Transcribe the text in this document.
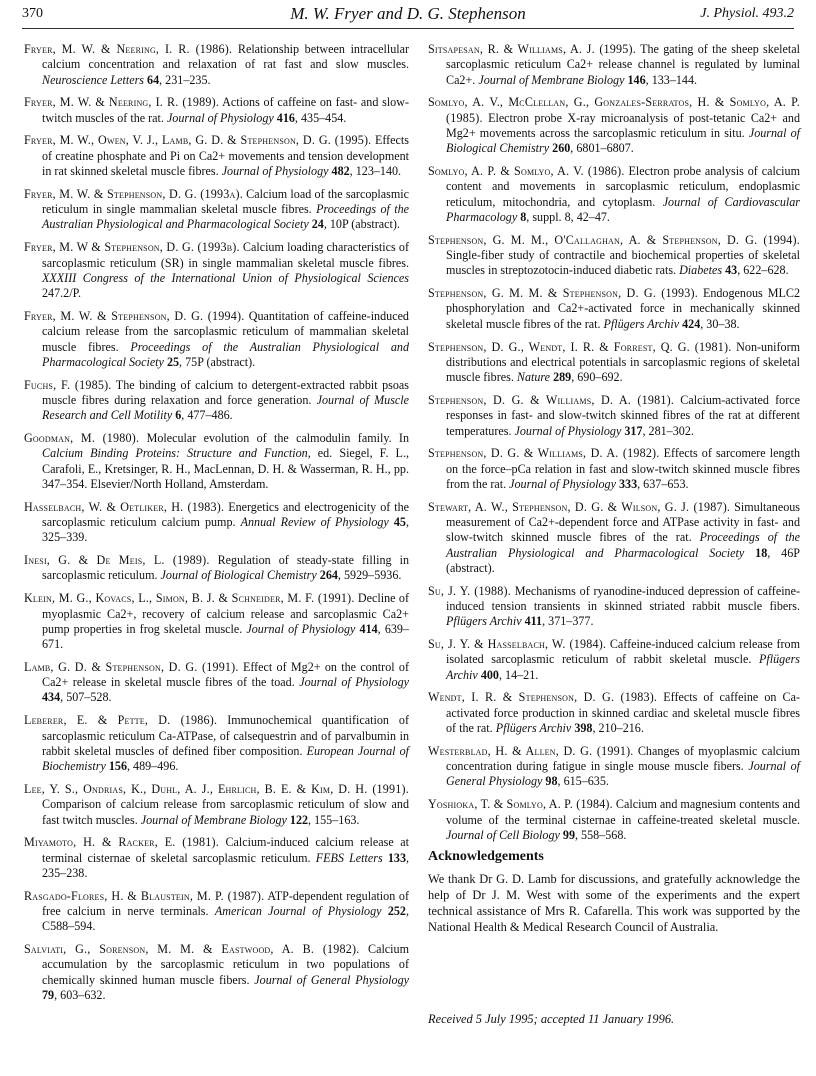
370	M. W. Fryer and D. G. Stephenson	J. Physiol. 493.2

Fryer, M. W. & Neering, I. R. (1986). Relationship between intracellular calcium concentration and relaxation of rat fast and slow muscles. Neuroscience Letters 64, 231–235.

Fryer, M. W. & Neering, I. R. (1989). Actions of caffeine on fast- and slow-twitch muscles of the rat. Journal of Physiology 416, 435–454.

Fryer, M. W., Owen, V. J., Lamb, G. D. & Stephenson, D. G. (1995). Effects of creatine phosphate and Pi on Ca2+ movements and tension development in rat skinned skeletal muscle fibres. Journal of Physiology 482, 123–140.

Fryer, M. W. & Stephenson, D. G. (1993a). Calcium load of the sarcoplasmic reticulum in single mammalian skeletal muscle fibres. Proceedings of the Australian Physiological and Pharmacological Society 24, 10P (abstract).

Fryer, M. W & Stephenson, D. G. (1993b). Calcium loading characteristics of sarcoplasmic reticulum (SR) in single mammalian skeletal muscle fibres. XXXIII Congress of the International Union of Physiological Sciences 247.2/P.

Fryer, M. W. & Stephenson, D. G. (1994). Quantitation of caffeine-induced calcium release from the sarcoplasmic reticulum of mammalian skeletal muscle fibres. Proceedings of the Australian Physiological and Pharmacological Society 25, 75P (abstract).

Fuchs, F. (1985). The binding of calcium to detergent-extracted rabbit psoas muscle fibres during relaxation and force generation. Journal of Muscle Research and Cell Motility 6, 477–486.

Goodman, M. (1980). Molecular evolution of the calmodulin family. In Calcium Binding Proteins: Structure and Function, ed. Siegel, F. L., Carafoli, E., Kretsinger, R. H., MacLennan, D. H. & Wasserman, R. H., pp. 347–354. Elsevier/North Holland, Amsterdam.

Hasselbach, W. & Oetliker, H. (1983). Energetics and electrogenicity of the sarcoplasmic reticulum calcium pump. Annual Review of Physiology 45, 325–339.

Inesi, G. & De Meis, L. (1989). Regulation of steady-state filling in sarcoplasmic reticulum. Journal of Biological Chemistry 264, 5929–5936.

Klein, M. G., Kovacs, L., Simon, B. J. & Schneider, M. F. (1991). Decline of myoplasmic Ca2+, recovery of calcium release and sarcoplasmic Ca2+ pump properties in frog skeletal muscle. Journal of Physiology 414, 639–671.

Lamb, G. D. & Stephenson, D. G. (1991). Effect of Mg2+ on the control of Ca2+ release in skeletal muscle fibres of the toad. Journal of Physiology 434, 507–528.

Leberer, E. & Pette, D. (1986). Immunochemical quantification of sarcoplasmic reticulum Ca-ATPase, of calsequestrin and of parvalbumin in rabbit skeletal muscles of defined fiber composition. European Journal of Biochemistry 156, 489–496.

Lee, Y. S., Ondrias, K., Duhl, A. J., Ehrlich, B. E. & Kim, D. H. (1991). Comparison of calcium release from sarcoplasmic reticulum of slow and fast twitch muscles. Journal of Membrane Biology 122, 155–163.

Miyamoto, H. & Racker, E. (1981). Calcium-induced calcium release at terminal cisternae of skeletal sarcoplasmic reticulum. FEBS Letters 133, 235–238.

Rasgado-Flores, H. & Blaustein, M. P. (1987). ATP-dependent regulation of free calcium in nerve terminals. American Journal of Physiology 252, C588–594.

Salviati, G., Sorenson, M. M. & Eastwood, A. B. (1982). Calcium accumulation by the sarcoplasmic reticulum in two populations of chemically skinned human muscle fibers. Journal of General Physiology 79, 603–632.

Sitsapesan, R. & Williams, A. J. (1995). The gating of the sheep skeletal sarcoplasmic reticulum Ca2+ release channel is regulated by luminal Ca2+. Journal of Membrane Biology 146, 133–144.

Somlyo, A. V., McClellan, G., Gonzales-Serratos, H. & Somlyo, A. P. (1985). Electron probe X-ray microanalysis of post-tetanic Ca2+ and Mg2+ movements across the sarcoplasmic reticulum in situ. Journal of Biological Chemistry 260, 6801–6807.

Somlyo, A. P. & Somlyo, A. V. (1986). Electron probe analysis of calcium content and movements in sarcoplasmic reticulum, endoplasmic reticulum, mitochondria, and cytoplasm. Journal of Cardiovascular Pharmacology 8, suppl. 8, 42–47.

Stephenson, G. M. M., O'Callaghan, A. & Stephenson, D. G. (1994). Single-fiber study of contractile and biochemical properties of skeletal muscles in streptozotocin-induced diabetic rats. Diabetes 43, 622–628.

Stephenson, G. M. M. & Stephenson, D. G. (1993). Endogenous MLC2 phosphorylation and Ca2+-activated force in mechanically skinned skeletal muscle fibres of the rat. Pflügers Archiv 424, 30–38.

Stephenson, D. G., Wendt, I. R. & Forrest, Q. G. (1981). Non-uniform distributions and electrical potentials in sarcoplasmic regions of skeletal muscle fibres. Nature 289, 690–692.

Stephenson, D. G. & Williams, D. A. (1981). Calcium-activated force responses in fast- and slow-twitch skinned fibres of the rat at different temperatures. Journal of Physiology 317, 281–302.

Stephenson, D. G. & Williams, D. A. (1982). Effects of sarcomere length on the force–pCa relation in fast and slow-twitch skinned muscle fibres from the rat. Journal of Physiology 333, 637–653.

Stewart, A. W., Stephenson, D. G. & Wilson, G. J. (1987). Simultaneous measurement of Ca2+-dependent force and ATPase activity in fast- and slow-twitch skinned muscle fibres of the rat. Proceedings of the Australian Physiological and Pharmacological Society 18, 46P (abstract).

Su, J. Y. (1988). Mechanisms of ryanodine-induced depression of caffeine-induced tension transients in skinned striated rabbit muscle fibers. Pflügers Archiv 411, 371–377.

Su, J. Y. & Hasselbach, W. (1984). Caffeine-induced calcium release from isolated sarcoplasmic reticulum of rabbit skeletal muscle. Pflügers Archiv 400, 14–21.

Wendt, I. R. & Stephenson, D. G. (1983). Effects of caffeine on Ca-activated force production in skinned cardiac and skeletal muscle fibres of the rat. Pflügers Archiv 398, 210–216.

Westerblad, H. & Allen, D. G. (1991). Changes of myoplasmic calcium concentration during fatigue in single mouse muscle fibers. Journal of General Physiology 98, 615–635.

Yoshioka, T. & Somlyo, A. P. (1984). Calcium and magnesium contents and volume of the terminal cisternae in caffeine-treated skeletal muscle. Journal of Cell Biology 99, 558–568.

Acknowledgements

We thank Dr G. D. Lamb for discussions, and gratefully acknowledge the help of Dr J. M. West with some of the experiments and the expert technical assistance of Mrs R. Cafarella. This work was supported by the National Health & Medical Research Council of Australia.

Received 5 July 1995; accepted 11 January 1996.
